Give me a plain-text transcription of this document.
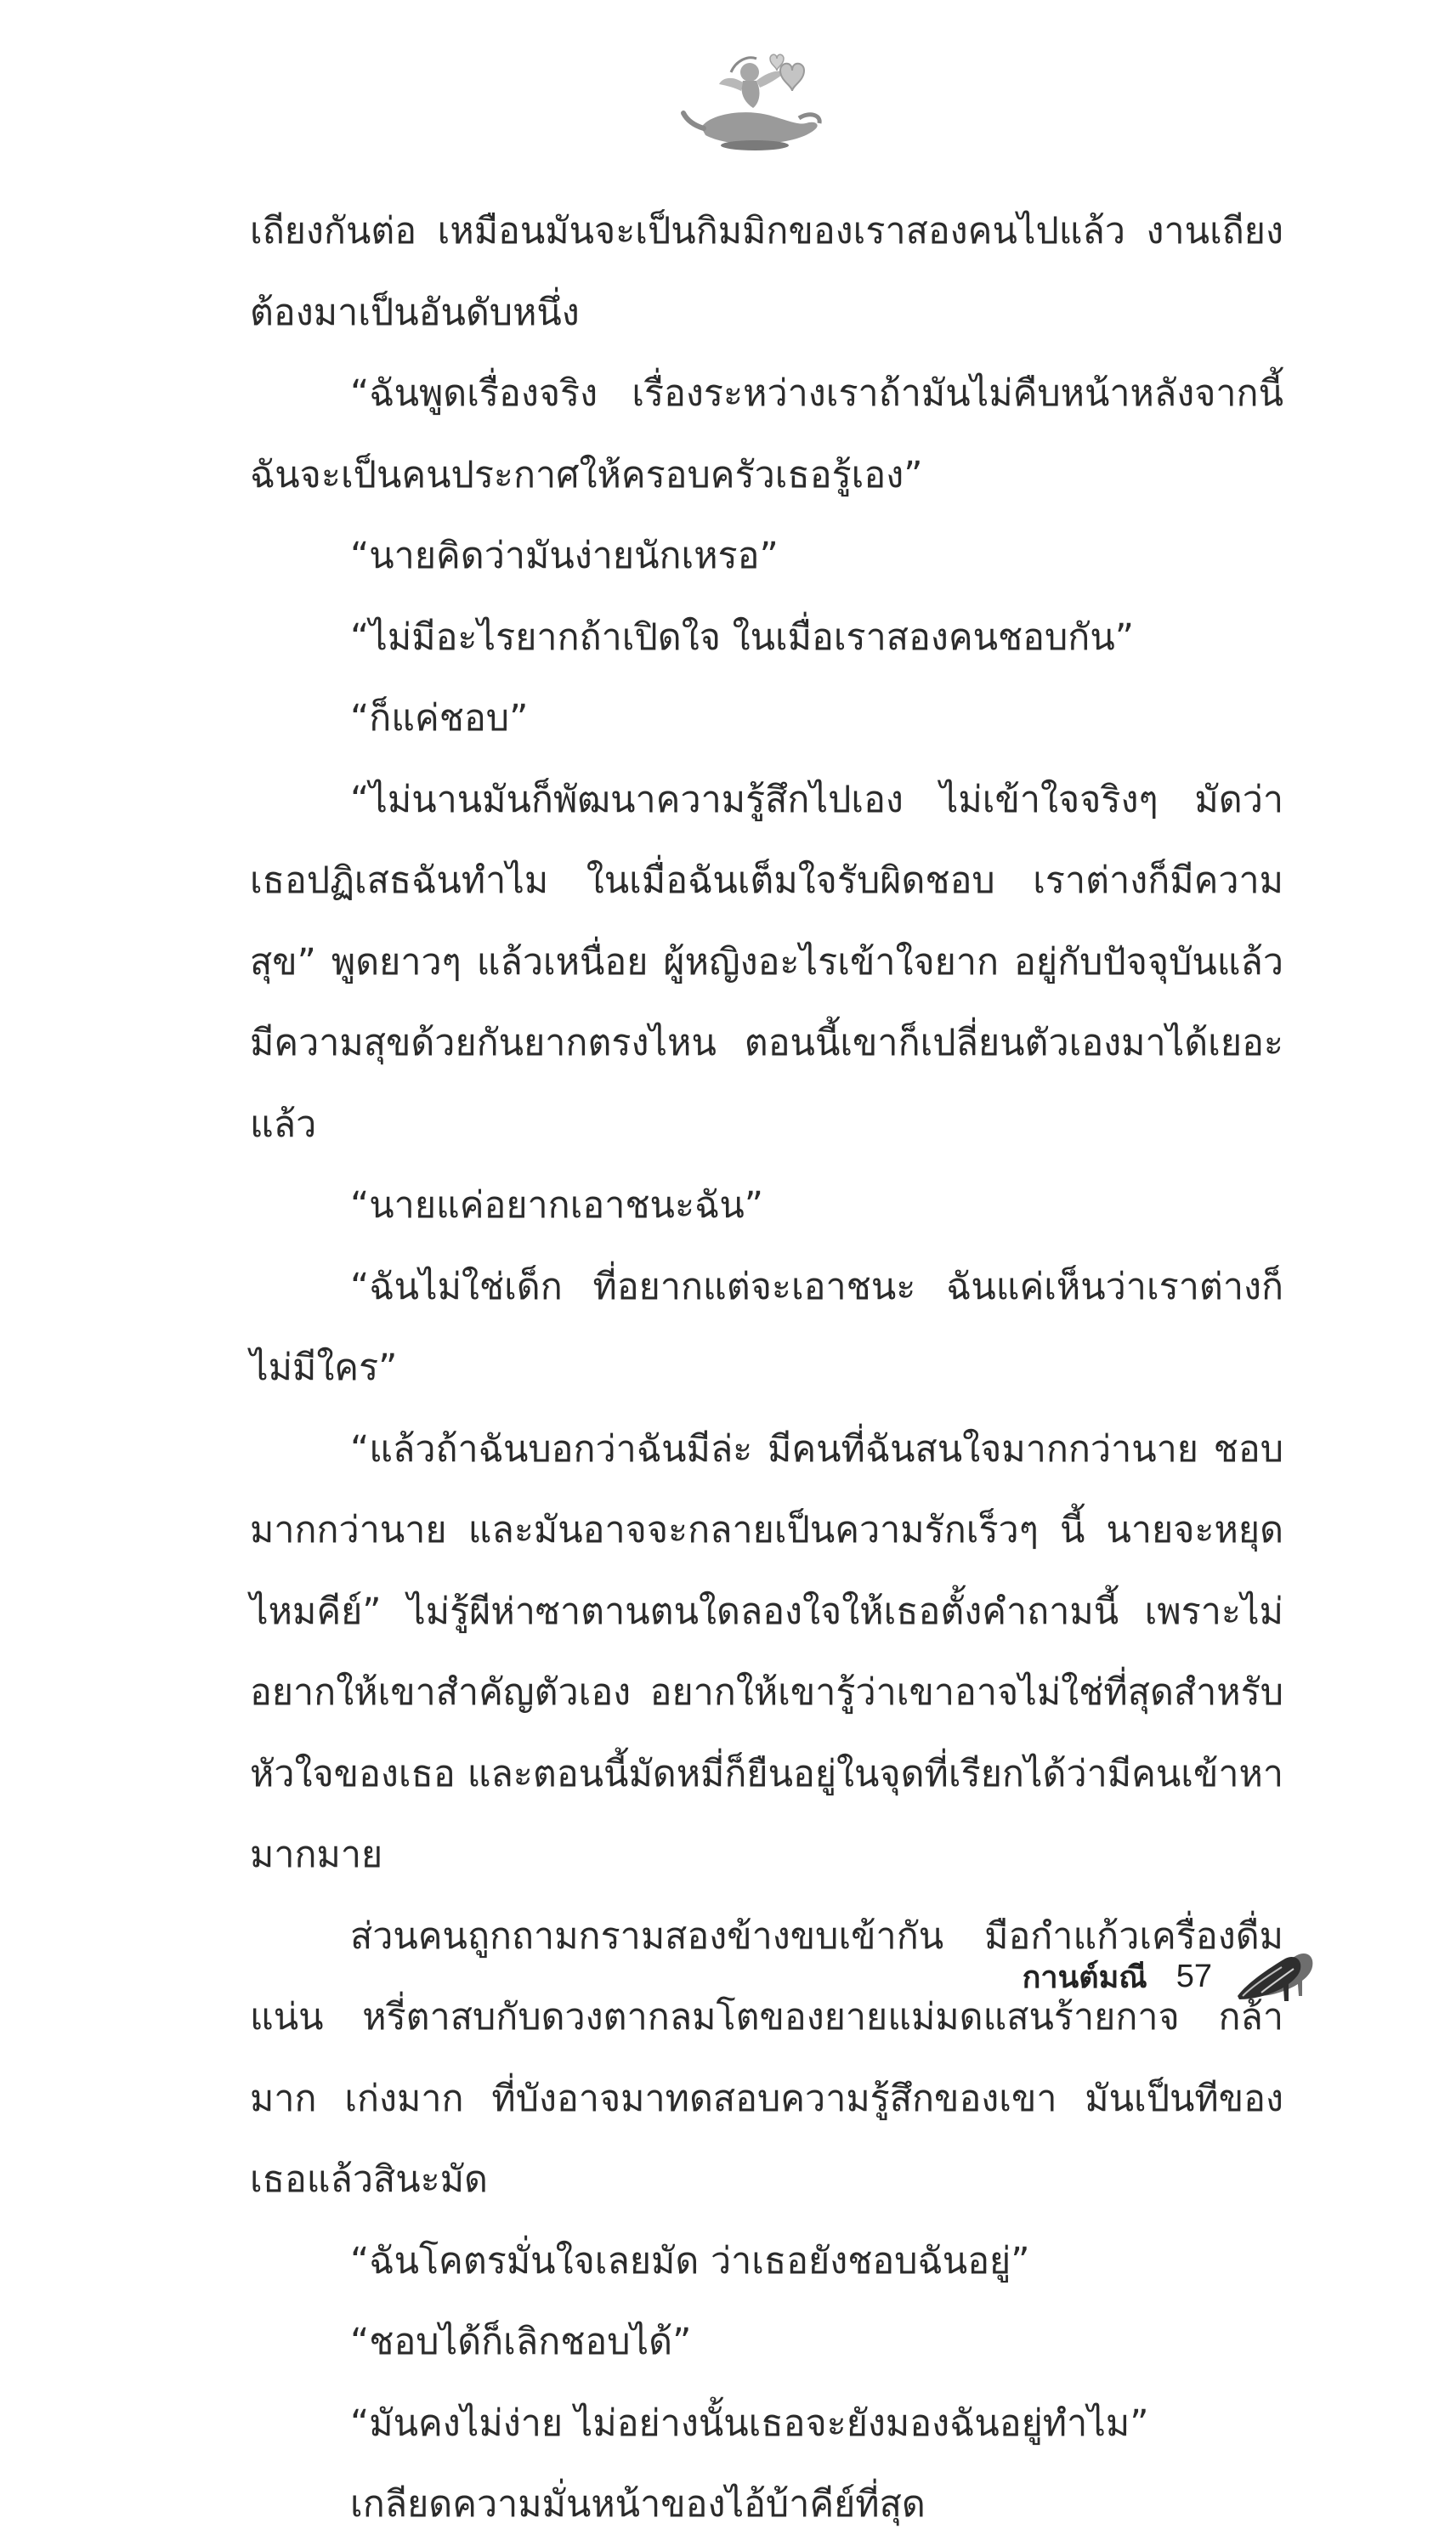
เถียงกันต่อ เหมือนมันจะเป็นกิมมิกของเราสองคนไปแล้ว งานเถียงต้องมาเป็นอันดับหนึ่ง

“ฉันพูดเรื่องจริง เรื่องระหว่างเราถ้ามันไม่คืบหน้าหลังจากนี้ฉันจะเป็นคนประกาศให้ครอบครัวเธอรู้เอง”

“นายคิดว่ามันง่ายนักเหรอ”

“ไม่มีอะไรยากถ้าเปิดใจ ในเมื่อเราสองคนชอบกัน”

“ก็แค่ชอบ”

“ไม่นานมันก็พัฒนาความรู้สึกไปเอง ไม่เข้าใจจริงๆ มัดว่าเธอปฏิเสธฉันทำไม ในเมื่อฉันเต็มใจรับผิดชอบ เราต่างก็มีความสุข” พูดยาวๆ แล้วเหนื่อย ผู้หญิงอะไรเข้าใจยาก อยู่กับปัจจุบันแล้วมีความสุขด้วยกันยากตรงไหน ตอนนี้เขาก็เปลี่ยนตัวเองมาได้เยอะแล้ว

“นายแค่อยากเอาชนะฉัน”

“ฉันไม่ใช่เด็ก ที่อยากแต่จะเอาชนะ ฉันแค่เห็นว่าเราต่างก็ไม่มีใคร”

“แล้วถ้าฉันบอกว่าฉันมีล่ะ มีคนที่ฉันสนใจมากกว่านาย ชอบมากกว่านาย และมันอาจจะกลายเป็นความรักเร็วๆ นี้ นายจะหยุดไหมคีย์” ไม่รู้ผีห่าซาตานตนใดลองใจให้เธอตั้งคำถามนี้ เพราะไม่อยากให้เขาสำคัญตัวเอง อยากให้เขารู้ว่าเขาอาจไม่ใช่ที่สุดสำหรับหัวใจของเธอ และตอนนี้มัดหมี่ก็ยืนอยู่ในจุดที่เรียกได้ว่ามีคนเข้าหามากมาย

ส่วนคนถูกถามกรามสองข้างขบเข้ากัน มือกำแก้วเครื่องดื่มแน่น หรี่ตาสบกับดวงตากลมโตของยายแม่มดแสนร้ายกาจ กล้ามาก เก่งมาก ที่บังอาจมาทดสอบความรู้สึกของเขา มันเป็นทีของเธอแล้วสินะมัด

“ฉันโคตรมั่นใจเลยมัด ว่าเธอยังชอบฉันอยู่”

“ชอบได้ก็เลิกชอบได้”

“มันคงไม่ง่าย ไม่อย่างนั้นเธอจะยังมองฉันอยู่ทำไม”

เกลียดความมั่นหน้าของไอ้บ้าคีย์ที่สุด

กานต์มณี 57
